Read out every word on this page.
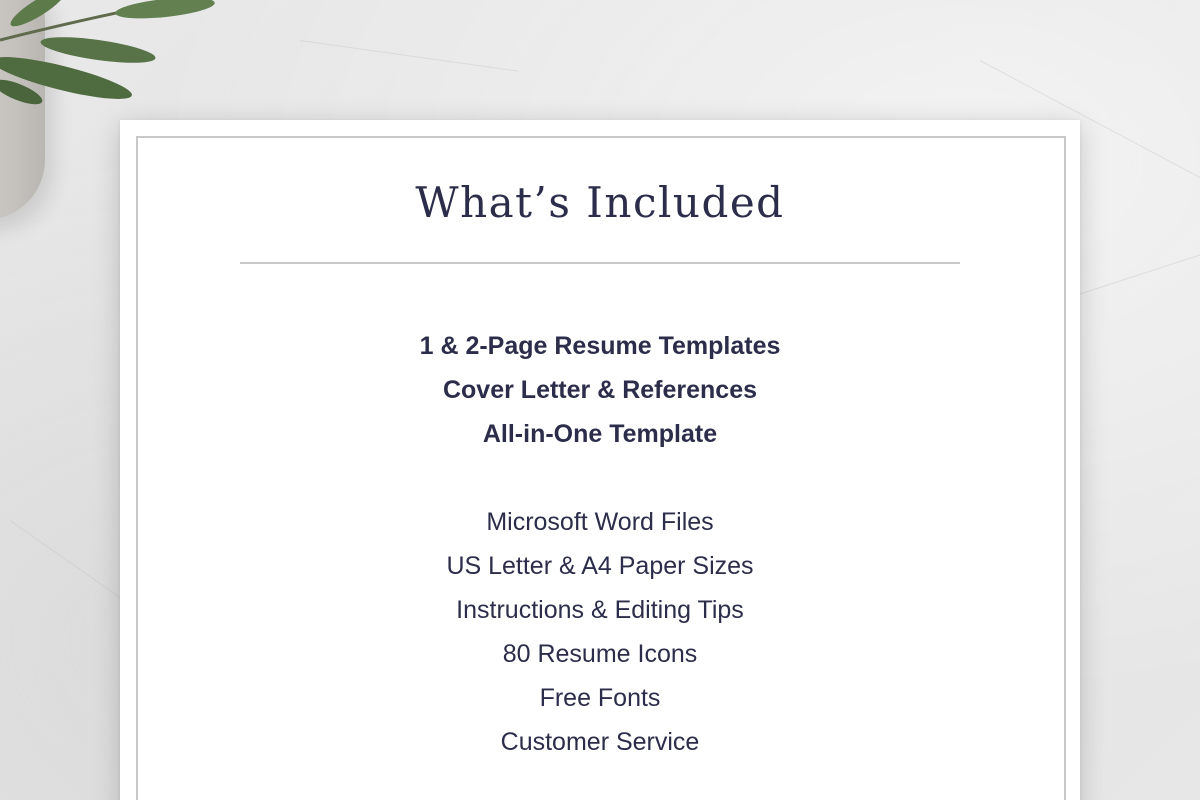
What’s Included
1 & 2-Page Resume Templates
Cover Letter & References
All-in-One Template
Microsoft Word Files
US Letter & A4 Paper Sizes
Instructions & Editing Tips
80 Resume Icons
Free Fonts
Customer Service
